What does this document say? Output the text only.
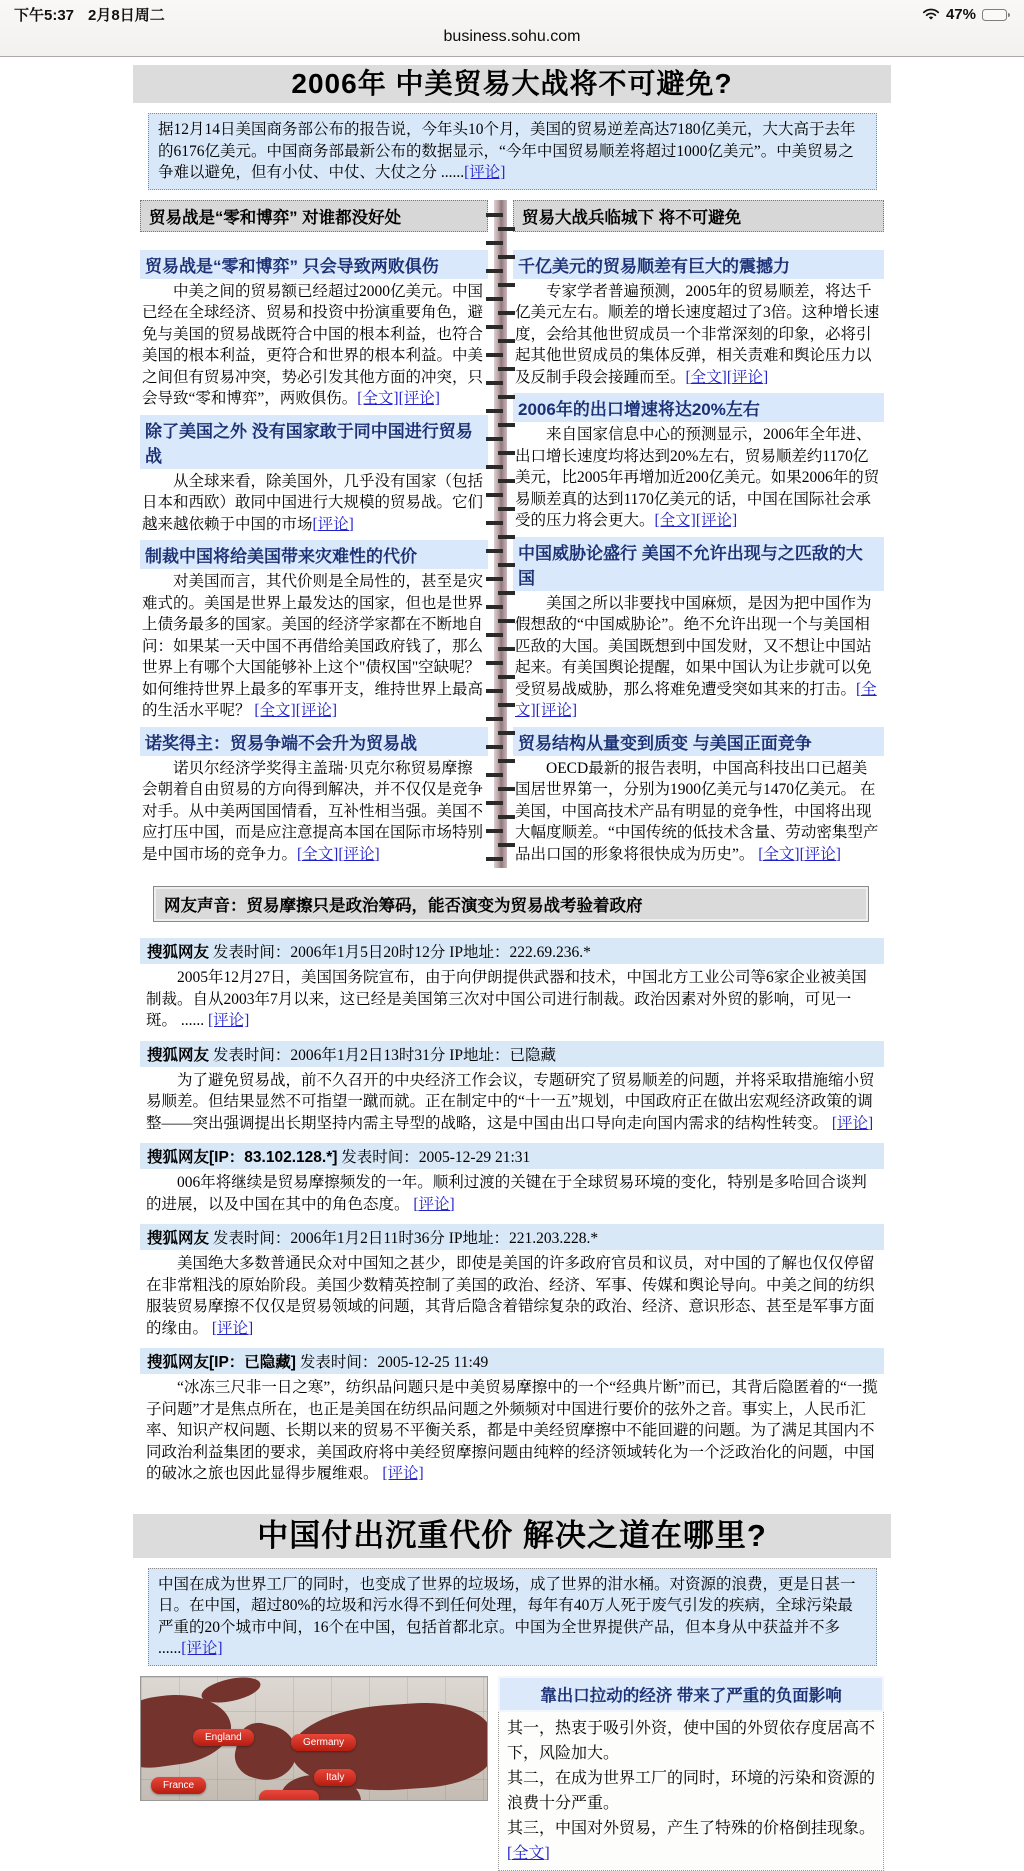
下午5:37 2月8日周二	47%
business.sohu.com
2006年 中美贸易大战将不可避免?
据12月14日美国商务部公布的报告说，今年头10个月，美国的贸易逆差高达7180亿美元，大大高于去年的6176亿美元。中国商务部最新公布的数据显示，“今年中国贸易顺差将超过1000亿美元”。中美贸易之争难以避免，但有小仗、中仗、大仗之分 ......[评论]
贸易战是“零和博弈” 对谁都没好处
贸易战是“零和博弈” 只会导致两败俱伤
中美之间的贸易额已经超过2000亿美元。中国已经在全球经济、贸易和投资中扮演重要角色，避免与美国的贸易战既符合中国的根本利益，也符合美国的根本利益，更符合和世界的根本利益。中美之间但有贸易冲突，势必引发其他方面的冲突，只会导致“零和博弈”，两败俱伤。[全文][评论]
除了美国之外 没有国家敢于同中国进行贸易战
从全球来看，除美国外，几乎没有国家（包括日本和西欧）敢同中国进行大规模的贸易战。它们越来越依赖于中国的市场[评论]
制裁中国将给美国带来灾难性的代价
对美国而言，其代价则是全局性的，甚至是灾难式的。美国是世界上最发达的国家，但也是世界上债务最多的国家。美国的经济学家都在不断地自问：如果某一天中国不再借给美国政府钱了，那么世界上有哪个大国能够补上这个"债权国"空缺呢？如何维持世界上最多的军事开支，维持世界上最高的生活水平呢？ [全文][评论]
诺奖得主：贸易争端不会升为贸易战
诺贝尔经济学奖得主盖瑞·贝克尔称贸易摩擦会朝着自由贸易的方向得到解决，并不仅仅是竞争对手。从中美两国国情看，互补性相当强。美国不应打压中国，而是应注意提高本国在国际市场特别是中国市场的竞争力。[全文][评论]
贸易大战兵临城下 将不可避免
千亿美元的贸易顺差有巨大的震撼力
专家学者普遍预测，2005年的贸易顺差，将达千亿美元左右。顺差的增长速度超过了3倍。这种增长速度，会给其他世贸成员一个非常深刻的印象，必将引起其他世贸成员的集体反弹，相关责难和舆论压力以及反制手段会接踵而至。[全文][评论]
2006年的出口增速将达20%左右
来自国家信息中心的预测显示，2006年全年进、出口增长速度均将达到20%左右，贸易顺差约1170亿美元，比2005年再增加近200亿美元。如果2006年的贸易顺差真的达到1170亿美元的话，中国在国际社会承受的压力将会更大。[全文][评论]
中国威胁论盛行 美国不允许出现与之匹敌的大国
美国之所以非要找中国麻烦，是因为把中国作为假想敌的“中国威胁论”。绝不允许出现一个与美国相匹敌的大国。美国既想到中国发财，又不想让中国站起来。有美国舆论提醒，如果中国认为让步就可以免受贸易战威胁，那么将难免遭受突如其来的打击。[全文][评论]
贸易结构从量变到质变 与美国正面竞争
OECD最新的报告表明，中国高科技出口已超美国居世界第一，分别为1900亿美元与1470亿美元。 在美国，中国高技术产品有明显的竞争性，中国将出现大幅度顺差。“中国传统的低技术含量、劳动密集型产品出口国的形象将很快成为历史”。 [全文][评论]
网友声音：贸易摩擦只是政治筹码，能否演变为贸易战考验着政府
搜狐网友 发表时间：2006年1月5日20时12分 IP地址：222.69.236.*
2005年12月27日，美国国务院宣布，由于向伊朗提供武器和技术，中国北方工业公司等6家企业被美国制裁。自从2003年7月以来，这已经是美国第三次对中国公司进行制裁。政治因素对外贸的影响，可见一斑。 ...... [评论]
搜狐网友 发表时间：2006年1月2日13时31分 IP地址：已隐藏
为了避免贸易战，前不久召开的中央经济工作会议，专题研究了贸易顺差的问题，并将采取措施缩小贸易顺差。但结果显然不可指望一蹴而就。正在制定中的“十一五”规划，中国政府正在做出宏观经济政策的调整——突出强调提出长期坚持内需主导型的战略，这是中国由出口导向走向国内需求的结构性转变。 [评论]
搜狐网友[IP：83.102.128.*] 发表时间：2005-12-29 21:31
006年将继续是贸易摩擦频发的一年。顺利过渡的关键在于全球贸易环境的变化，特别是多哈回合谈判的进展，以及中国在其中的角色态度。 [评论]
搜狐网友 发表时间：2006年1月2日11时36分 IP地址：221.203.228.*
美国绝大多数普通民众对中国知之甚少，即使是美国的许多政府官员和议员，对中国的了解也仅仅停留在非常粗浅的原始阶段。美国少数精英控制了美国的政治、经济、军事、传媒和舆论导向。中美之间的纺织服装贸易摩擦不仅仅是贸易领域的问题，其背后隐含着错综复杂的政治、经济、意识形态、甚至是军事方面的缘由。 [评论]
搜狐网友[IP：已隐藏] 发表时间：2005-12-25 11:49
“冰冻三尺非一日之寒”，纺织品问题只是中美贸易摩擦中的一个“经典片断”而已，其背后隐匿着的“一揽子问题”才是焦点所在，也正是美国在纺织品问题之外频频对中国进行要价的弦外之音。事实上，人民币汇率、知识产权问题、长期以来的贸易不平衡关系，都是中美经贸摩擦中不能回避的问题。为了满足其国内不同政治利益集团的要求，美国政府将中美经贸摩擦问题由纯粹的经济领域转化为一个泛政治化的问题，中国的破冰之旅也因此显得步履维艰。 [评论]
中国付出沉重代价 解决之道在哪里?
中国在成为世界工厂的同时，也变成了世界的垃圾场，成了世界的泔水桶。对资源的浪费，更是日甚一日。在中国，超过80%的垃圾和污水得不到任何处理，每年有40万人死于废气引发的疾病，全球污染最严重的20个城市中间，16个在中国，包括首都北京。中国为全世界提供产品，但本身从中获益并不多 ......[评论]
England	Germany
Italy
France
靠出口拉动的经济 带来了严重的负面影响
其一，热衷于吸引外资，使中国的外贸依存度居高不下，风险加大。
其二，在成为世界工厂的同时，环境的污染和资源的浪费十分严重。
其三，中国对外贸易，产生了特殊的价格倒挂现象。 [全文]
